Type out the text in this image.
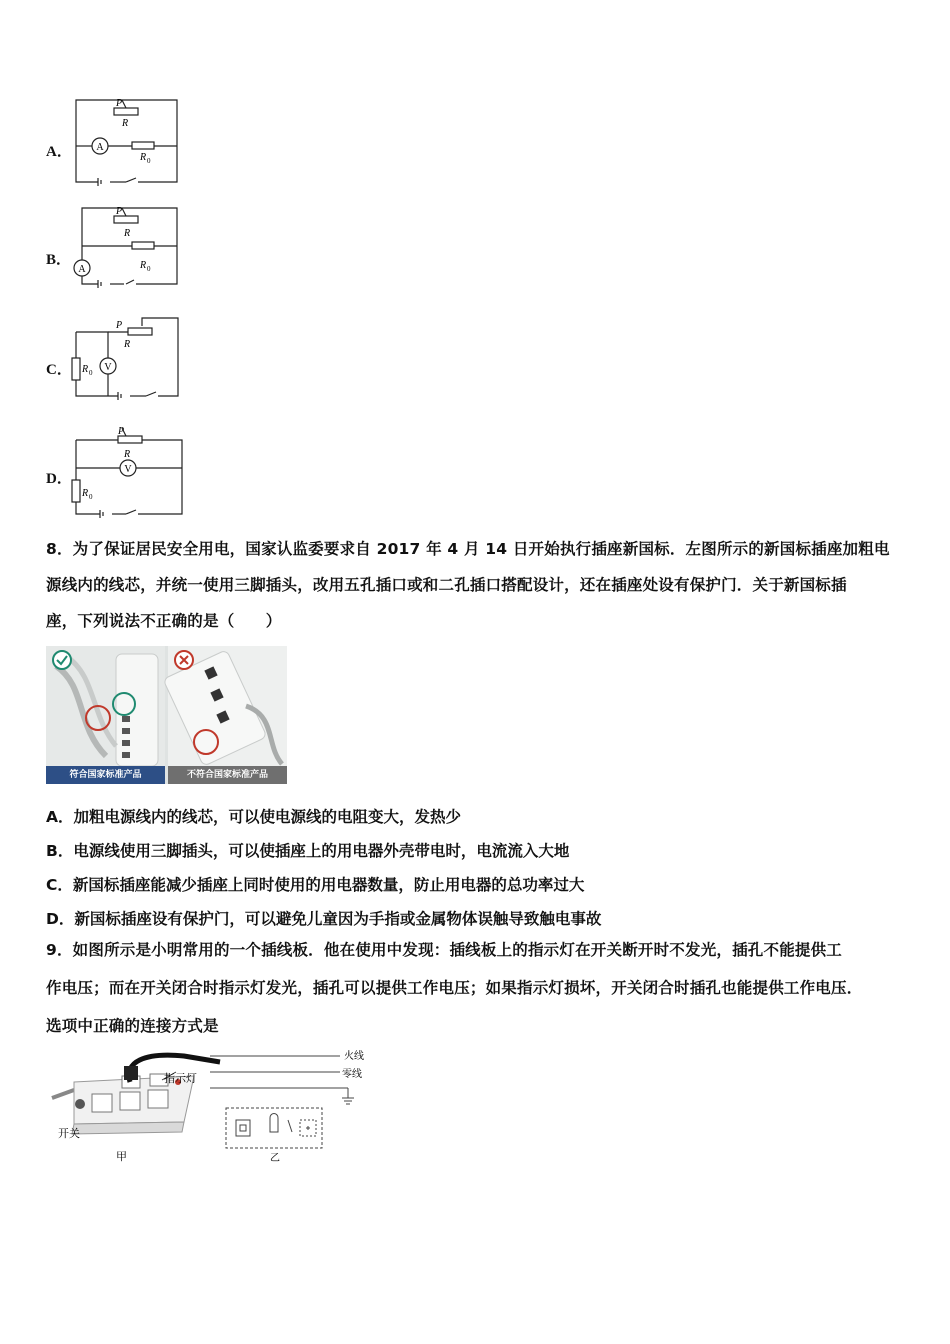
A． A
P
R
R 0
B．
A
P
R
R 0
C．	V
P
R
R 0
D．
V
P
R
R 0
8．为了保证居民安全用电，国家认监委要求自 2017 年 4 月 14 日开始执行插座新国标．左图所示的新国标插座加粗电
源线内的线芯，并统一使用三脚插头，改用五孔插口或和二孔插口搭配设计，还在插座处设有保护门．关于新国标插
座，下列说法不正确的是（　　）
符合国家标准产品	不符合国家标准产品
A．加粗电源线内的线芯，可以使电源线的电阻变大，发热少
B．电源线使用三脚插头，可以使插座上的用电器外壳带电时，电流流入大地
C．新国标插座能减少插座上同时使用的用电器数量，防止用电器的总功率过大
D．新国标插座设有保护门，可以避免儿童因为手指或金属物体误触导致触电事故
9．如图所示是小明常用的一个插线板．他在使用中发现：插线板上的指示灯在开关断开时不发光，插孔不能提供工
作电压；而在开关闭合时指示灯发光，插孔可以提供工作电压；如果指示灯损坏，开关闭合时插孔也能提供工作电压．
选项中正确的连接方式是
指示灯
开关
甲
火线
零线
乙
